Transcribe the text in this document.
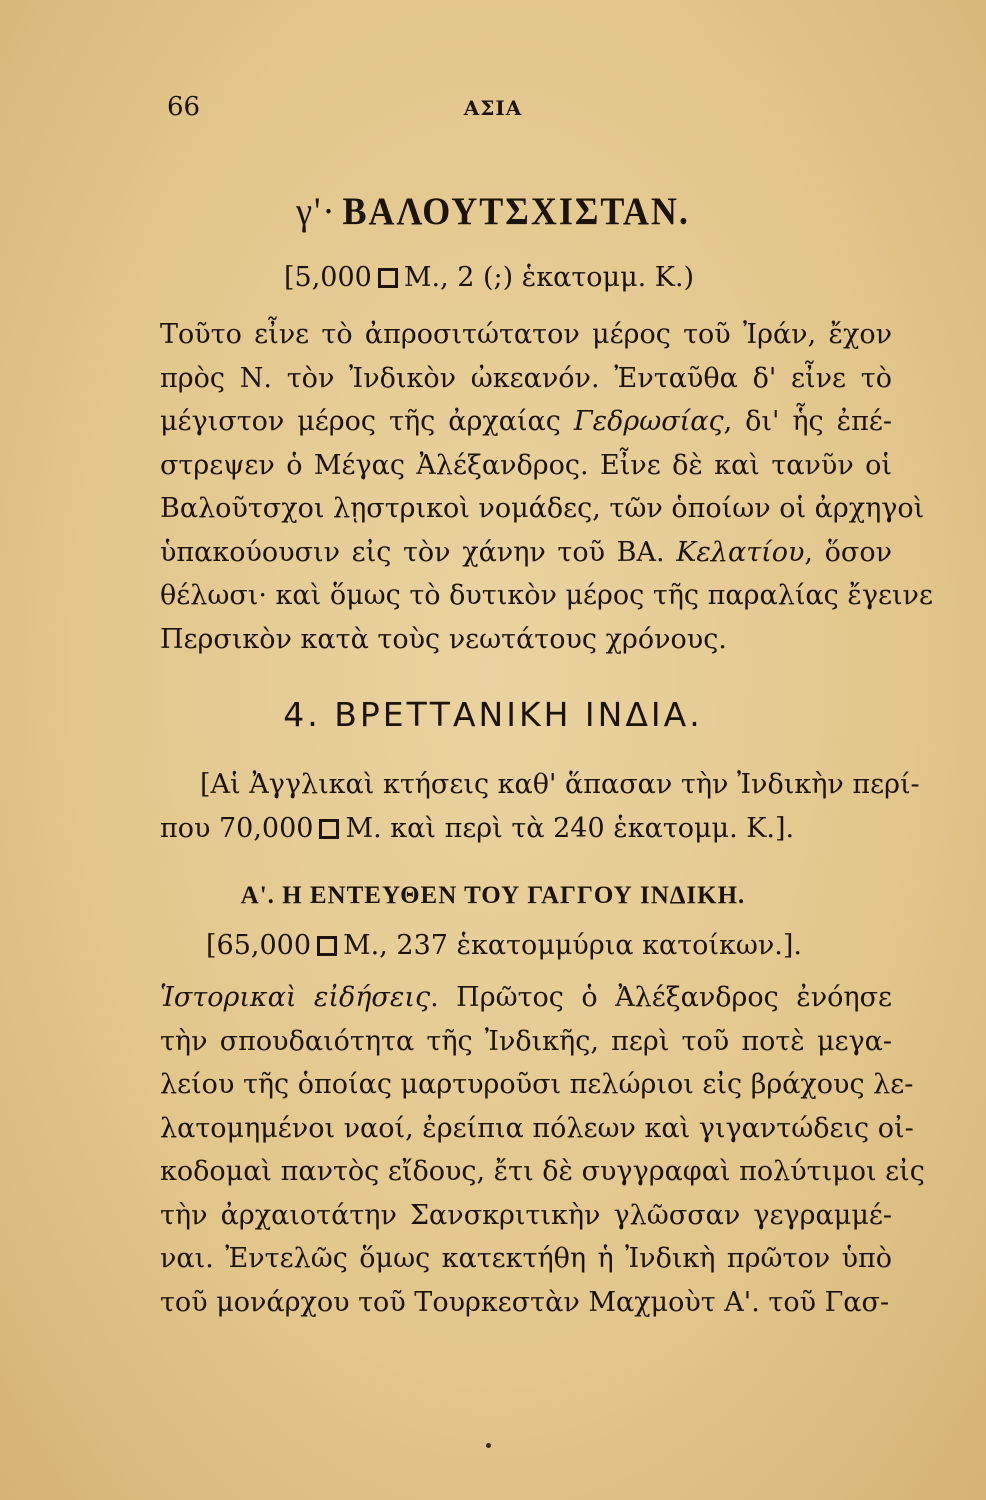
66	ΑΣΙΑ
γ'· ΒΑΛΟΥΤΣΧΙΣΤΑΝ.
[5,000 Μ., 2 (;) ἑκατομμ. Κ.)
Τοῦτο εἶνε τὸ ἀπροσιτώτατον μέρος τοῦ Ἰράν, ἔχον
πρὸς Ν. τὸν Ἰνδικὸν ὠκεανόν. Ἐνταῦθα δ' εἶνε τὸ
μέγιστον μέρος τῆς ἀρχαίας Γεδρωσίας, δι' ἧς ἐπέ-
στρεψεν ὁ Μέγας Ἀλέξανδρος. Εἶνε δὲ καὶ τανῦν οἱ
Βαλοῦτσχοι λῃστρικοὶ νομάδες, τῶν ὁποίων οἱ ἀρχηγοὶ
ὑπακούουσιν εἰς τὸν χάνην τοῦ ΒΑ. Κελατίου, ὅσον
θέλωσι· καὶ ὅμως τὸ δυτικὸν μέρος τῆς παραλίας ἔγεινε
Περσικὸν κατὰ τοὺς νεωτάτους χρόνους.
4. ΒΡΕΤΤΑΝΙΚΗ ΙΝΔΙΑ.
[Αἱ Ἀγγλικαὶ κτήσεις καθ' ἅπασαν τὴν Ἰνδικὴν περί-
που 70,000 Μ. καὶ περὶ τὰ 240 ἑκατομμ. Κ.].
Α'. Η ΕΝΤΕΥΘΕΝ ΤΟΥ ΓΑΓΓΟΥ ΙΝΔΙΚΗ.
[65,000 Μ., 237 ἑκατομμύρια κατοίκων.].
Ἱστορικαὶ εἰδήσεις. Πρῶτος ὁ Ἀλέξανδρος ἐνόησε
τὴν σπουδαιότητα τῆς Ἰνδικῆς, περὶ τοῦ ποτὲ μεγα-
λείου τῆς ὁποίας μαρτυροῦσι πελώριοι εἰς βράχους λε-
λατομημένοι ναοί, ἐρείπια πόλεων καὶ γιγαντώδεις οἰ-
κοδομαὶ παντὸς εἴδους, ἔτι δὲ συγγραφαὶ πολύτιμοι εἰς
τὴν ἀρχαιοτάτην Σανσκριτικὴν γλῶσσαν γεγραμμέ-
ναι. Ἐντελῶς ὅμως κατεκτήθη ἡ Ἰνδικὴ πρῶτον ὑπὸ
τοῦ μονάρχου τοῦ Τουρκεστὰν Μαχμοὺτ Α'. τοῦ Γασ-
